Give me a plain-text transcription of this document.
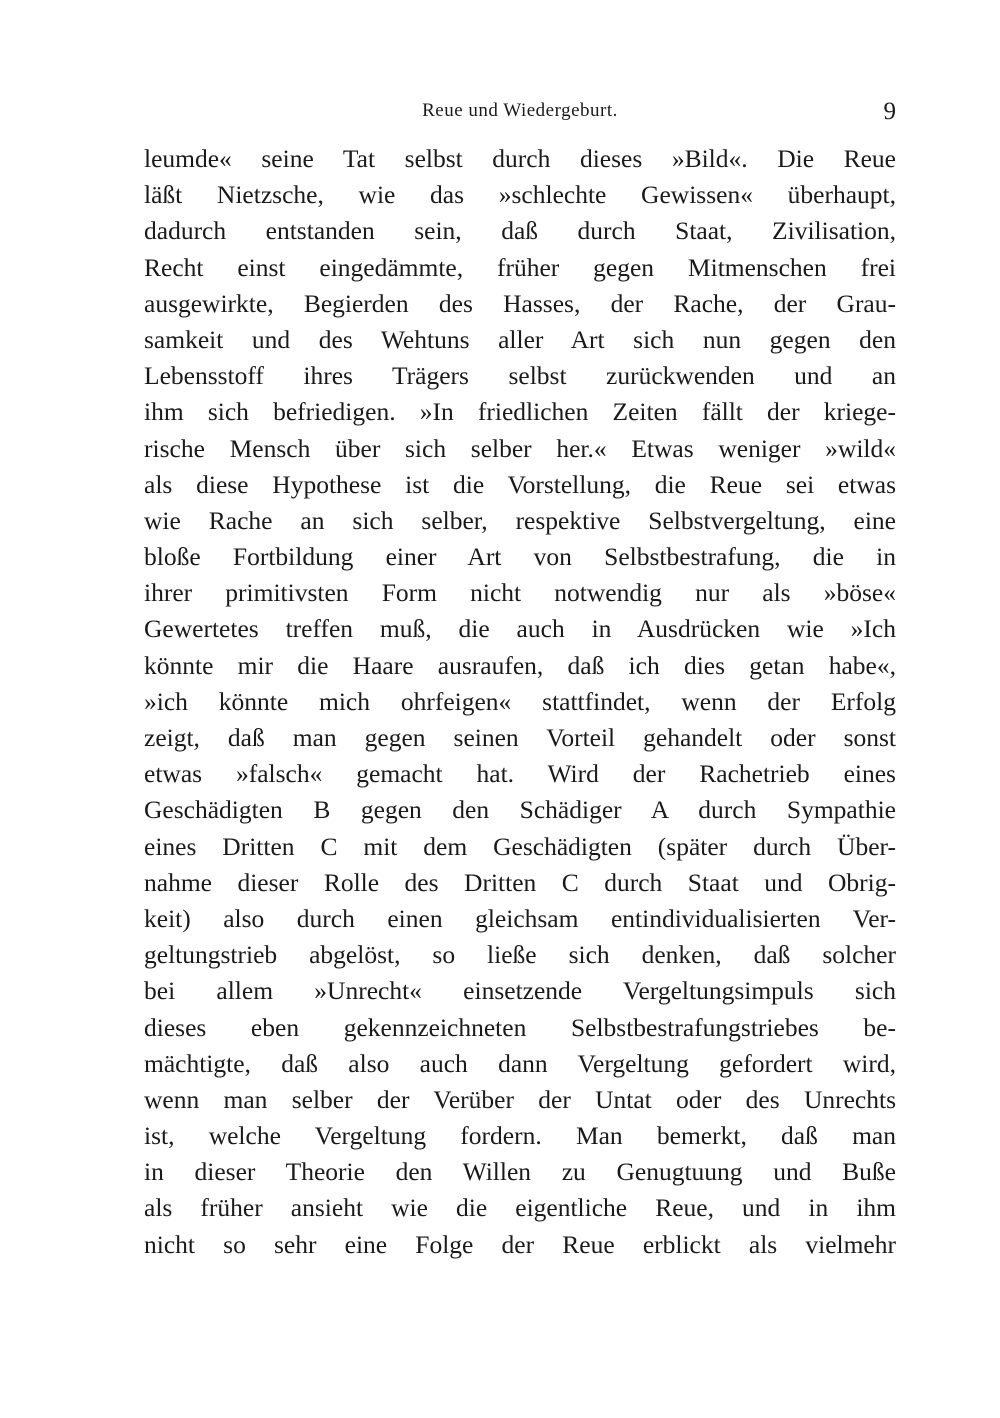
Reue und Wiedergeburt.	9
leumde« seine Tat selbst durch dieses »Bild«. Die Reue
läßt Nietzsche, wie das »schlechte Gewissen« überhaupt,
dadurch entstanden sein, daß durch Staat, Zivilisation,
Recht einst eingedämmte, früher gegen Mitmenschen frei
ausgewirkte, Begierden des Hasses, der Rache, der Grau-
samkeit und des Wehtuns aller Art sich nun gegen den
Lebensstoff ihres Trägers selbst zurückwenden und an
ihm sich befriedigen. »In friedlichen Zeiten fällt der kriege-
rische Mensch über sich selber her.« Etwas weniger »wild«
als diese Hypothese ist die Vorstellung, die Reue sei etwas
wie Rache an sich selber, respektive Selbstvergeltung, eine
bloße Fortbildung einer Art von Selbstbestrafung, die in
ihrer primitivsten Form nicht notwendig nur als »böse«
Gewertetes treffen muß, die auch in Ausdrücken wie »Ich
könnte mir die Haare ausraufen, daß ich dies getan habe«,
»ich könnte mich ohrfeigen« stattfindet, wenn der Erfolg
zeigt, daß man gegen seinen Vorteil gehandelt oder sonst
etwas »falsch« gemacht hat. Wird der Rachetrieb eines
Geschädigten B gegen den Schädiger A durch Sympathie
eines Dritten C mit dem Geschädigten (später durch Über-
nahme dieser Rolle des Dritten C durch Staat und Obrig-
keit) also durch einen gleichsam entindividualisierten Ver-
geltungstrieb abgelöst, so ließe sich denken, daß solcher
bei allem »Unrecht« einsetzende Vergeltungsimpuls sich
dieses eben gekennzeichneten Selbstbestrafungstriebes be-
mächtigte, daß also auch dann Vergeltung gefordert wird,
wenn man selber der Verüber der Untat oder des Unrechts
ist, welche Vergeltung fordern. Man bemerkt, daß man
in dieser Theorie den Willen zu Genugtuung und Buße
als früher ansieht wie die eigentliche Reue, und in ihm
nicht so sehr eine Folge der Reue erblickt als vielmehr
